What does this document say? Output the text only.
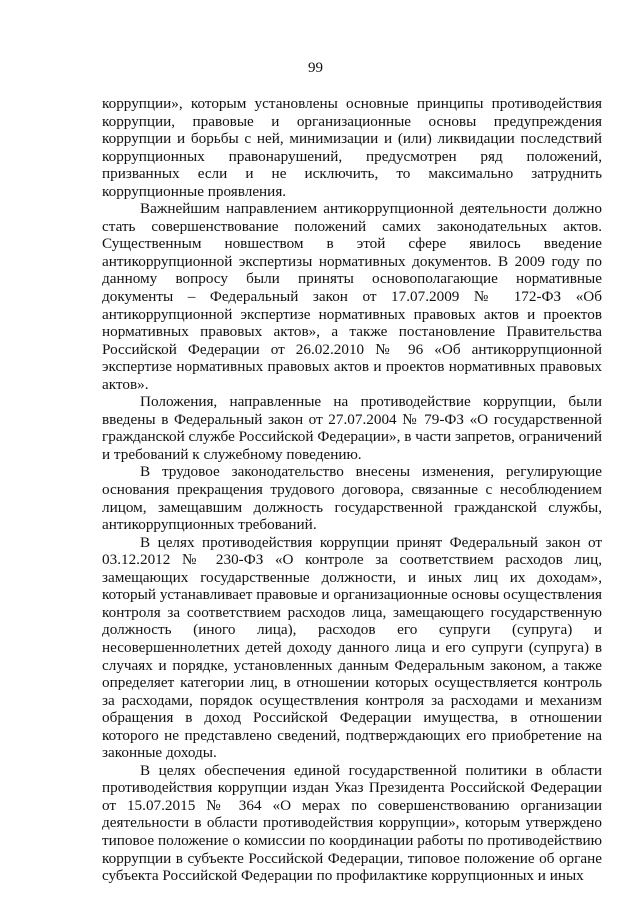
99

коррупции», которым установлены основные принципы противодействия коррупции, правовые и организационные основы предупреждения коррупции и борьбы с ней, минимизации и (или) ликвидации последствий коррупционных правонарушений, предусмотрен ряд положений, призванных если и не исключить, то максимально затруднить коррупционные проявления.

Важнейшим направлением антикоррупционной деятельности должно стать совершенствование положений самих законодательных актов. Существенным новшеством в этой сфере явилось введение антикоррупционной экспертизы нормативных документов. В 2009 году по данному вопросу были приняты основополагающие нормативные документы – Федеральный закон от 17.07.2009 № 172-ФЗ «Об антикоррупционной экспертизе нормативных правовых актов и проектов нормативных правовых актов», а также постановление Правительства Российской Федерации от 26.02.2010 № 96 «Об антикоррупционной экспертизе нормативных правовых актов и проектов нормативных правовых актов».

Положения, направленные на противодействие коррупции, были введены в Федеральный закон от 27.07.2004 № 79-ФЗ «О государственной гражданской службе Российской Федерации», в части запретов, ограничений и требований к служебному поведению.

В трудовое законодательство внесены изменения, регулирующие основания прекращения трудового договора, связанные с несоблюдением лицом, замещавшим должность государственной гражданской службы, антикоррупционных требований.

В целях противодействия коррупции принят Федеральный закон от 03.12.2012 № 230-ФЗ «О контроле за соответствием расходов лиц, замещающих государственные должности, и иных лиц их доходам», который устанавливает правовые и организационные основы осуществления контроля за соответствием расходов лица, замещающего государственную должность (иного лица), расходов его супруги (супруга) и несовершеннолетних детей доходу данного лица и его супруги (супруга) в случаях и порядке, установленных данным Федеральным законом, а также определяет категории лиц, в отношении которых осуществляется контроль за расходами, порядок осуществления контроля за расходами и механизм обращения в доход Российской Федерации имущества, в отношении которого не представлено сведений, подтверждающих его приобретение на законные доходы.

В целях обеспечения единой государственной политики в области противодействия коррупции издан Указ Президента Российской Федерации от 15.07.2015 № 364 «О мерах по совершенствованию организации деятельности в области противодействия коррупции», которым утверждено типовое положение о комиссии по координации работы по противодействию коррупции в субъекте Российской Федерации, типовое положение об органе субъекта Российской Федерации по профилактике коррупционных и иных
